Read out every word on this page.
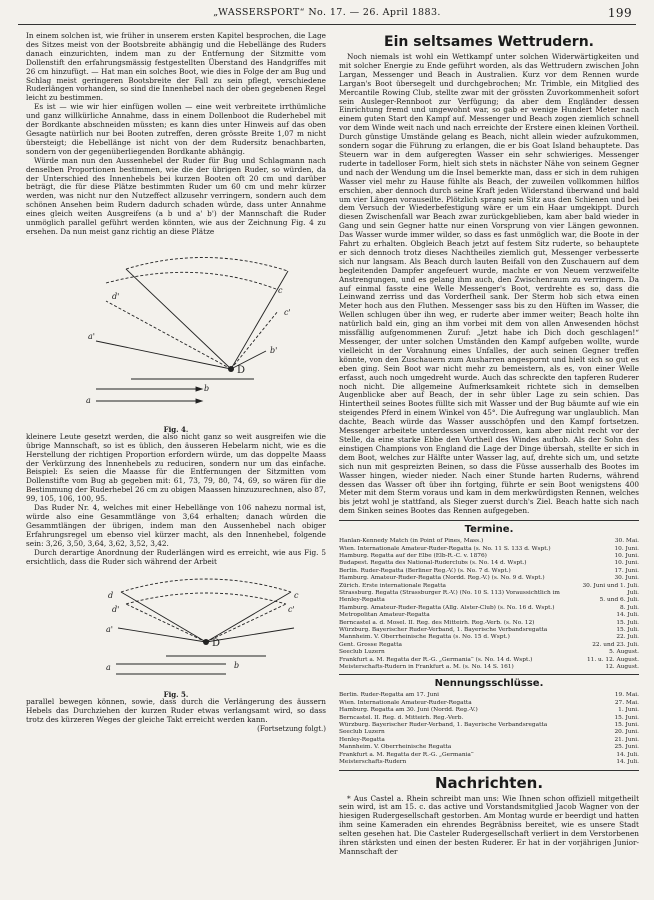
„WASSERSPORT“ No. 17. — 26. April 1883.	199

In einem solchen ist, wie früher in unserem ersten Kapitel besprochen, die Lage des Sitzes meist von der Bootsbreite abhängig und die Hebellänge des Ruders danach einzurichten, indem man zu der Entfernung der Sitzmitte vom Dollenstift den erfahrungsmässig festgestellten Überstand des Handgriffes mit 26 cm hinzufügt. — Hat man ein solches Boot, wie dies in Folge der am Bug und Schlag meist geringeren Bootsbreite der Fall zu sein pflegt, verschiedene Ruderlängen vorhanden, so sind die Innenhebel nach der oben gegebenen Regel leicht zu bestimmen.

Es ist — wie wir hier einfügen wollen — eine weit verbreitete irrthümliche und ganz willkürliche Annahme, dass in einem Dollenboot die Ruderhebel mit der Bordkante abschneiden müssten; es kann dies unter Hinweis auf das oben Gesagte natürlich nur bei Booten zutreffen, deren grösste Breite 1,07 m nicht übersteigt; die Hebellänge ist nicht von der dem Rudersitz benachbarten, sondern von der gegenüberliegenden Bordkante abhängig.

Würde man nun den Aussenhebel der Ruder für Bug und Schlagmann nach denselben Proportionen bestimmen, wie die der übrigen Ruder, so würden, da der Unterschied des Innenhebels bei kurzen Booten oft 20 cm und darüber beträgt, die für diese Plätze bestimmten Ruder um 60 cm und mehr kürzer werden, was nicht nur den Nutzeffect allzusehr verringern, sondern auch dem schönen Ansehen beim Rudern dadurch schaden würde, dass unter Annahme eines gleich weiten Ausgreifens (a b und a' b') der Mannschaft die Ruder unmöglich parallel geführt werden könnten, wie aus der Zeichnung Fig. 4 zu ersehen. Da nun meist ganz richtig an diese Plätze

d'
c
c'
a'
b'
D
a
b
Fig. 4.

kleinere Leute gesetzt werden, die also nicht ganz so weit ausgreifen wie die übrige Mannschaft, so ist es üblich, den äusseren Hebelarm nicht, wie es die Herstellung der richtigen Proportion erfordern würde, um das doppelte Maass der Verkürzung des Innenhebels zu reduciren, sondern nur um das einfache. Beispiel: Es seien die Maasse für die Entfernungen der Sitzmitten vom Dollenstifte vom Bug ab gegeben mit: 61, 73, 79, 80, 74, 69, so wären für die Bestimmung der Ruderhebel 26 cm zu obigen Maassen hinzuzurechnen, also 87, 99, 105, 106, 100, 95.

Das Ruder Nr. 4, welches mit einer Hebellänge von 106 nahezu normal ist, würde also eine Gesammtlänge von 3,64 erhalten; danach würden die Gesammtlängen der übrigen, indem man den Aussenhebel nach obiger Erfahrungsregel um ebenso viel kürzer macht, als den Innenhebel, folgende sein: 3,26, 3,50, 3,64, 3,62, 3,52, 3,42.

Durch derartige Anordnung der Ruderlängen wird es erreicht, wie aus Fig. 5 ersichtlich, dass die Ruder sich während der Arbeit

d
d'
c
c'
a'
D
a	b
Fig. 5.

parallel bewegen können, sowie, dass durch die Verlängerung des äussern Hebels das Durchziehen der kurzen Ruder etwas verlangsamt wird, so dass trotz des kürzeren Weges der gleiche Takt erreicht werden kann.

(Fortsetzung folgt.)
Ein seltsames Wettrudern.

Noch niemals ist wohl ein Wettkampf unter solchen Widerwärtigkeiten und mit solcher Energie zu Ende geführt worden, als das Wettrudern zwischen John Largan, Messenger und Beach in Australien. Kurz vor dem Rennen wurde Largan's Boot übersegelt und durchgebrochen; Mr. Trimble, ein Mitglied des Mercantile Rowing Club, stellte zwar mit der grössten Zuvorkommenheit sofort sein Ausleger-Rennboot zur Verfügung; da aber dem Engländer dessen Einrichtung fremd und ungewohnt war, so gab er wenige Hundert Meter nach einem guten Start den Kampf auf. Messenger und Beach zogen ziemlich schnell vor dem Winde weit nach und nach erreichte der Erstere einen kleinen Vortheil. Durch günstige Umstände gelang es Beach, nicht allein wieder aufzukommen, sondern sogar die Führung zu erlangen, die er bis Goat Island behauptete. Das Steuern war in dem aufgeregten Wasser ein sehr schwieriges. Messenger ruderte in tadelloser Form, hielt sich stets in nächster Nähe von seinem Gegner und nach der Wendung um die Insel bemerkte man, dass er sich in dem ruhigen Wasser viel mehr zu Hause fühlte als Beach, der zuweilen vollkommen hilflos erschien, aber dennoch durch seine Kraft jeden Widerstand überwand und bald um vier Längen vorauseilte. Plötzlich sprang sein Sitz aus den Schienen und bei dem Versuch der Wiederbefestigung wäre er um ein Haar umgekippt. Durch diesen Zwischenfall war Beach zwar zurückgeblieben, kam aber bald wieder in Gang und sein Gegner hatte nur einen Vorsprung von vier Längen gewonnen. Das Wasser wurde immer wilder, so dass es fast unmöglich war, die Boote in der Fahrt zu erhalten. Obgleich Beach jetzt auf festem Sitz ruderte, so behauptete er sich dennoch trotz dieses Nachtheiles ziemlich gut, Messenger verbesserte sich nur langsam. Als Beach durch lauten Beifall von den Zuschauern auf dem begleitenden Dampfer angefeuert wurde, machte er von Neuem verzweifelte Anstrengungen, und es gelang ihm auch, den Zwischenraum zu verringern. Da auf einmal fasste eine Welle Messenger's Boot, verdrehte es so, dass die Leinwand zerriss und das Vorderfheil sank. Der Sterm hob sich etwa einen Meter hoch aus den Fluthen. Messenger sass bis zu den Hüften im Wasser, die Wellen schlugen über ihn weg, er ruderte aber immer weiter; Beach holte ihn natürlich bald ein, ging an ihm vorbei mit dem von allen Anwesenden höchst missfällig aufgenommenen Zuruf: „Jetzt habe ich Dich doch geschlagen!“ Messenger, der unter solchen Umständen den Kampf aufgeben wollte, wurde vielleicht in der Vorahnung eines Unfalles, der auch seinen Gegner treffen könnte, von den Zuschauern zum Ausharren angespornt und hielt sich so gut es eben ging. Sein Boot war nicht mehr zu bemeistern, als es, von einer Welle erfasst, auch noch umgedreht wurde. Auch das schreckte den tapferen Ruderer noch nicht. Die allgemeine Aufmerksamkeit richtete sich in demselben Augenblicke aber auf Beach, der in sehr übler Lage zu sein schien. Das Hintertheil seines Bootes füllte sich mit Wasser und der Bug bäumte auf wie ein steigendes Pferd in einem Winkel von 45°. Die Aufregung war unglaublich. Man dachte, Beach würde das Wasser ausschöpfen und den Kampf fortsetzen. Messenger arbeitete unterdessen unverdrossen, kam aber nicht recht vor der Stelle, da eine starke Ebbe den Vortheil des Windes aufhob. Als der Sohn des einstigen Champions von England die Lage der Dinge übersah, stellte er sich in dem Boot, welches zur Hälfte unter Wasser lag, auf, drehte sich um, und setzte sich nun mit gespreizten Beinen, so dass die Füsse ausserhalb des Bootes im Wasser hingen, wieder nieder. Nach einer Stunde harten Ruderns, während dessen das Wasser oft über ihn fortging, führte er sein Boot wenigstens 400 Meter mit dem Sterm voraus und kam in dem merkwürdigsten Rennen, welches bis jetzt wohl je stattfand, als Sieger zuerst durch's Ziel. Beach hatte sich nach dem Sinken seines Bootes das Rennen aufgegeben.

Termine.
Hanlan-Kennedy Match (in Point of Pines, Mass.)	30. Mai.
Wien. Internationale Amateur-Ruder-Regatta (s. No. 11 S. 133 d. Wspt.)	10. Juni.
Hamburg. Regatta auf der Elbe (Elb-R.-C. v. 1876)	10. Juni.
Budapest. Regatta des National-Ruderclubs (s. No. 14 d. Wspt.)	10. Juni.
Berlin. Ruder-Regatta (Berliner Reg.-V.) (s. No. 7 d. Wspt.)	17. Juni.
Hamburg. Amateur-Ruder-Regatta (Nordd. Reg.-V.) (s. No. 9 d. Wspt.)	30. Juni.
Zürich. Erste internationale Regatta	30. Juni und 1. Juli.
Strassburg. Regatta (Strassburger R.-V.) (No. 10 S. 113) Voraussichtlich im	Juli.
Henley-Regatta	5. und 6. Juli.
Hamburg. Amateur-Ruder-Regatta (Allg. Alster-Club) (s. No. 16 d. Wspt.)	8. Juli.
Metropolitan Amateur-Regatta	14. Juli.
Berncastel a. d. Mosel. II. Reg. des Mitteirh. Reg.-Verb. (s. No. 12)	15. Juli.
Würzburg. Bayerischer Ruder-Verband, 1. Bayerische Verbandsregatta	15. Juli.
Mannheim. V. Oberrheinische Regatta (s. No. 15 d. Wspt.)	22. Juli.
Gent. Grosse Regatta	22. und 23. Juli.
Seeclub Luzern	5. August.
Frankfurt a. M. Regatta der R.-G. „Germania“ (s. No. 14 d. Wspt.)	11. u. 12. August.
Meisterschafts-Rudern in Frankfurt a. M. (s. No. 14 S. 161)	12. August.
Nennungsschlüsse.
Berlin. Ruder-Regatta am 17. Juni	19. Mai.
Wien. Internationale Amateur-Ruder-Regatta	27. Mai.
Hamburg. Regatta am 30. Juni (Nordd. Reg.-V.)	1. Juni.
Berncastel. II. Reg. d. Mitteirh. Reg.-Verb.	15. Juni.
Würzburg. Bayerischer Ruder-Verband, 1. Bayerische Verbandsregatta	15. Juni.
Seeclub Luzern	20. Juni.
Henley-Regatta	21. Juni.
Mannheim. V. Oberrheinische Regatta	25. Juni.
Frankfurt a. M. Regatta der R.-G. „Germania“	14. Juli.
Meisterschafts-Rudern	14. Juli.
Nachrichten.

* Aus Castel a. Rhein schreibt man uns: Wie Ihnen schon offiziell mitgetheilt sein wird, ist am 15. c. das active und Vorstandsmitglied Jacob Wagner von der hiesigen Rudergesellschaft gestorben. Am Montag wurde er beerdigt und hatten ihm seine Kameraden ein ehrendes Begräbniss bereitet, wie es unsere Stadt selten gesehen hat. Die Casteler Rudergesellschaft verliert in dem Verstorbenen ihren stärksten und einen der besten Ruderer. Er hat in der vorjährigen Junior-Mannschaft der
